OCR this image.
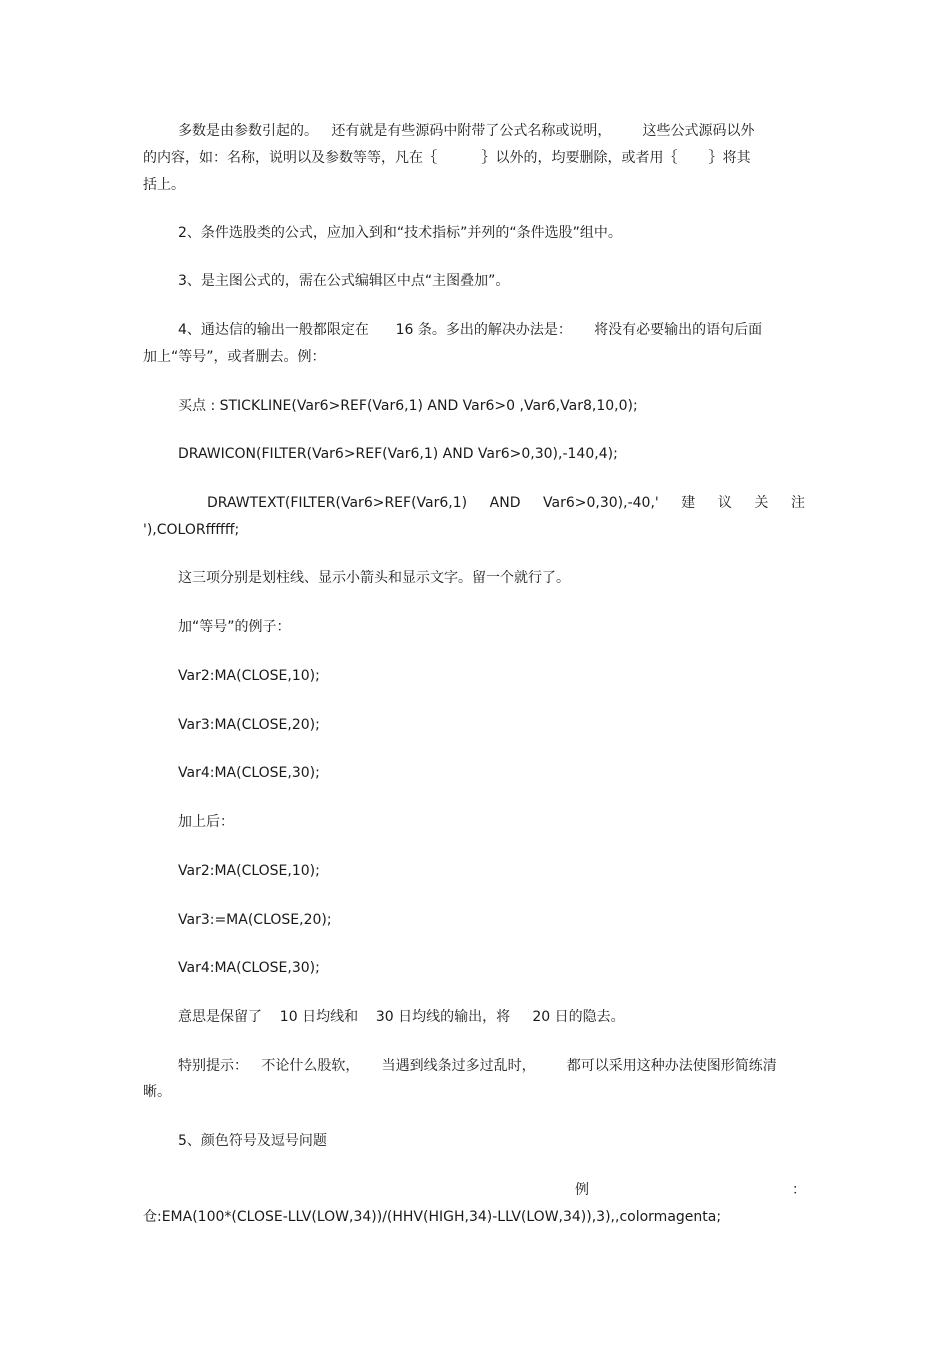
多数是由参数引起的。   还有就是有些源码中附带了公式名称或说明，       这些公式源码以外
的内容，如：名称，说明以及参数等等，凡在｛          ｝以外的，均要删除，或者用｛       ｝将其
括上。
2、条件选股类的公式，应加入到和“技术指标”并列的“条件选股”组中。
3、是主图公式的，需在公式编辑区中点“主图叠加”。
4、通达信的输出一般都限定在      16 条。多出的解决办法是：     将没有必要输出的语句后面
加上“等号”，或者删去。例：
买点 : STICKLINE(Var6>REF(Var6,1) AND Var6>0 ,Var6,Var8,10,0);
DRAWICON(FILTER(Var6>REF(Var6,1) AND Var6>0,30),-140,4);
DRAWTEXT(FILTER(Var6>REF(Var6,1) AND Var6>0,30),-40,' 建 议 关 注
'),COLORffffff;
这三项分别是划柱线、显示小箭头和显示文字。留一个就行了。
加“等号”的例子：
Var2:MA(CLOSE,10);
Var3:MA(CLOSE,20);
Var4:MA(CLOSE,30);
加上后：
Var2:MA(CLOSE,10);
Var3:=MA(CLOSE,20);
Var4:MA(CLOSE,30);
意思是保留了    10 日均线和    30 日均线的输出，将     20 日的隐去。
特别提示：   不论什么股软，     当遇到线条过多过乱时，       都可以采用这种办法使图形简练清
晰。
5、颜色符号及逗号问题
例	：
仓:EMA(100*(CLOSE-LLV(LOW,34))/(HHV(HIGH,34)-LLV(LOW,34)),3),,colormagenta;
